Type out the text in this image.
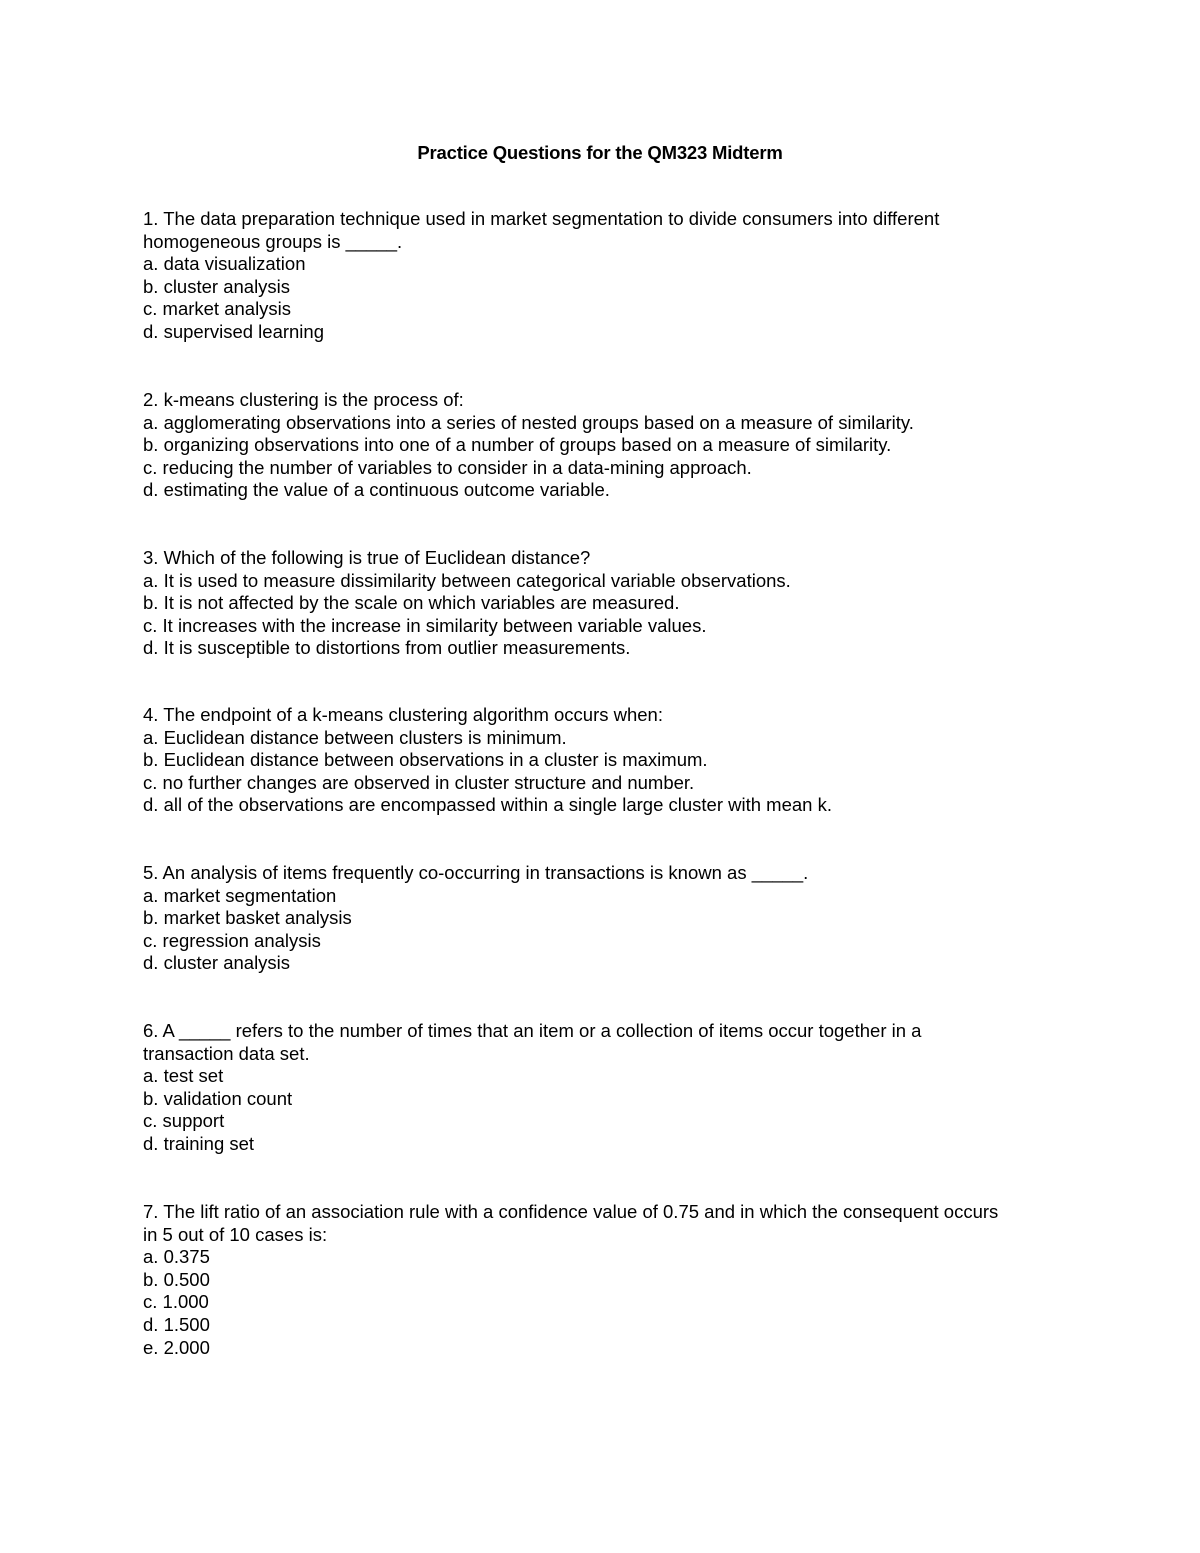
Practice Questions for the QM323 Midterm
1. The data preparation technique used in market segmentation to divide consumers into different homogeneous groups is _____.
a. data visualization
b. cluster analysis
c. market analysis
d. supervised learning
2. k-means clustering is the process of:
a. agglomerating observations into a series of nested groups based on a measure of similarity.
b. organizing observations into one of a number of groups based on a measure of similarity.
c. reducing the number of variables to consider in a data-mining approach.
d. estimating the value of a continuous outcome variable.
3. Which of the following is true of Euclidean distance?
a. It is used to measure dissimilarity between categorical variable observations.
b. It is not affected by the scale on which variables are measured.
c. It increases with the increase in similarity between variable values.
d. It is susceptible to distortions from outlier measurements.
4. The endpoint of a k-means clustering algorithm occurs when:
a. Euclidean distance between clusters is minimum.
b. Euclidean distance between observations in a cluster is maximum.
c. no further changes are observed in cluster structure and number.
d. all of the observations are encompassed within a single large cluster with mean k.
5. An analysis of items frequently co-occurring in transactions is known as _____.
a. market segmentation
b. market basket analysis
c. regression analysis
d. cluster analysis
6. A _____ refers to the number of times that an item or a collection of items occur together in a transaction data set.
a. test set
b. validation count
c. support
d. training set
7. The lift ratio of an association rule with a confidence value of 0.75 and in which the consequent occurs in 5 out of 10 cases is:
a. 0.375
b. 0.500
c. 1.000
d. 1.500
e. 2.000
